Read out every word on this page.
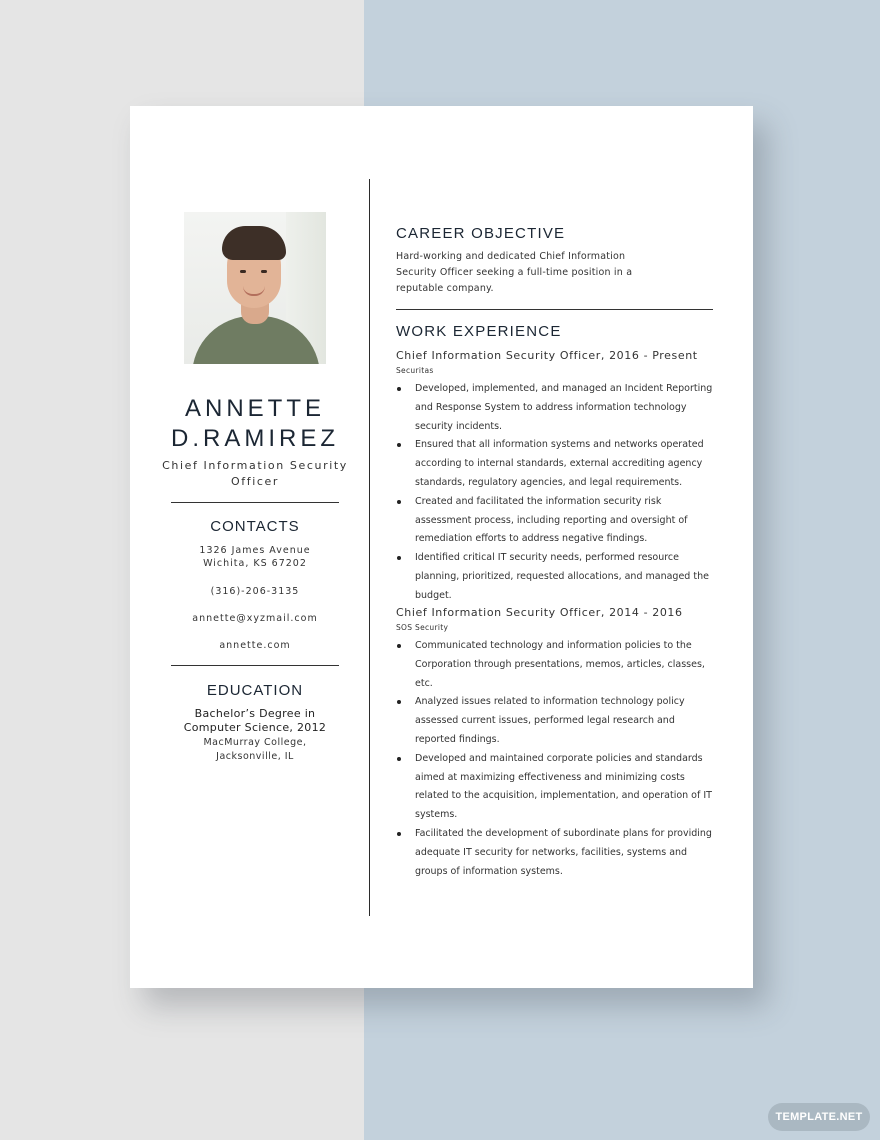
ANNETTE
D.RAMIREZ
Chief Information Security Officer
CONTACTS
1326 James Avenue
Wichita, KS 67202
(316)-206-3135
annette@xyzmail.com
annette.com
EDUCATION
Bachelor’s Degree in
Computer Science, 2012
MacMurray College,
Jacksonville, IL
CAREER OBJECTIVE
Hard-working and dedicated Chief Information Security Officer seeking a full-time position in a reputable company.
WORK EXPERIENCE
Chief Information Security Officer, 2016 - Present
Securitas
Developed, implemented, and managed an Incident Reporting and Response System to address information technology security incidents.
Ensured that all information systems and networks operated according to internal standards, external accrediting agency standards, regulatory agencies, and legal requirements.
Created and facilitated the information security risk assessment process, including reporting and oversight of remediation efforts to address negative findings.
Identified critical IT security needs, performed resource planning, prioritized, requested allocations, and managed the budget.
Chief Information Security Officer, 2014 - 2016
SOS Security
Communicated technology and information policies to the Corporation through presentations, memos, articles, classes, etc.
Analyzed issues related to information technology policy assessed current issues, performed legal research and reported findings.
Developed and maintained corporate policies and standards aimed at maximizing effectiveness and minimizing costs related to the acquisition, implementation, and operation of IT systems.
Facilitated the development of subordinate plans for providing adequate IT security for networks, facilities, systems and groups of information systems.
TEMPLATE.NET
